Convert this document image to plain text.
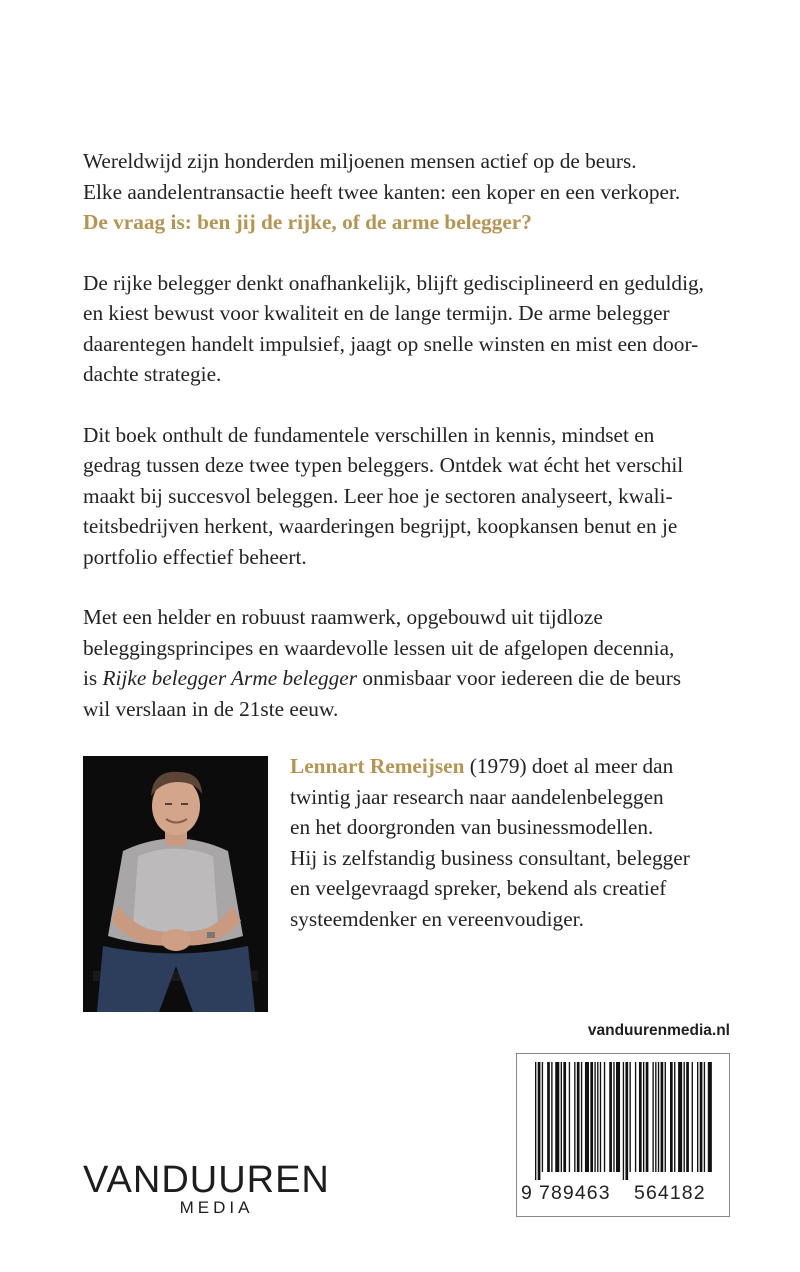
Wereldwijd zijn honderden miljoenen mensen actief op de beurs.
Elke aandelentransactie heeft twee kanten: een koper en een verkoper.
De vraag is: ben jij de rijke, of de arme belegger?

De rijke belegger denkt onafhankelijk, blijft gedisciplineerd en geduldig,
en kiest bewust voor kwaliteit en de lange termijn. De arme belegger
daarentegen handelt impulsief, jaagt op snelle winsten en mist een door-
dachte strategie.

Dit boek onthult de fundamentele verschillen in kennis, mindset en
gedrag tussen deze twee typen beleggers. Ontdek wat écht het verschil
maakt bij succesvol beleggen. Leer hoe je sectoren analyseert, kwali-
teitsbedrijven herkent, waarderingen begrijpt, koopkansen benut en je
portfolio effectief beheert.

Met een helder en robuust raamwerk, opgebouwd uit tijdloze
beleggingsprincipes en waardevolle lessen uit de afgelopen decennia,
is Rijke belegger Arme belegger onmisbaar voor iedereen die de beurs
wil verslaan in de 21ste eeuw.

Lennart Remeijsen (1979) doet al meer dan
twintig jaar research naar aandelenbeleggen
en het doorgronden van businessmodellen.
Hij is zelfstandig business consultant, belegger
en veelgevraagd spreker, bekend als creatief
systeemdenker en vereenvoudiger.
vanduurenmedia.nl
9 789463 564182
VANDUUREN
MEDIA
